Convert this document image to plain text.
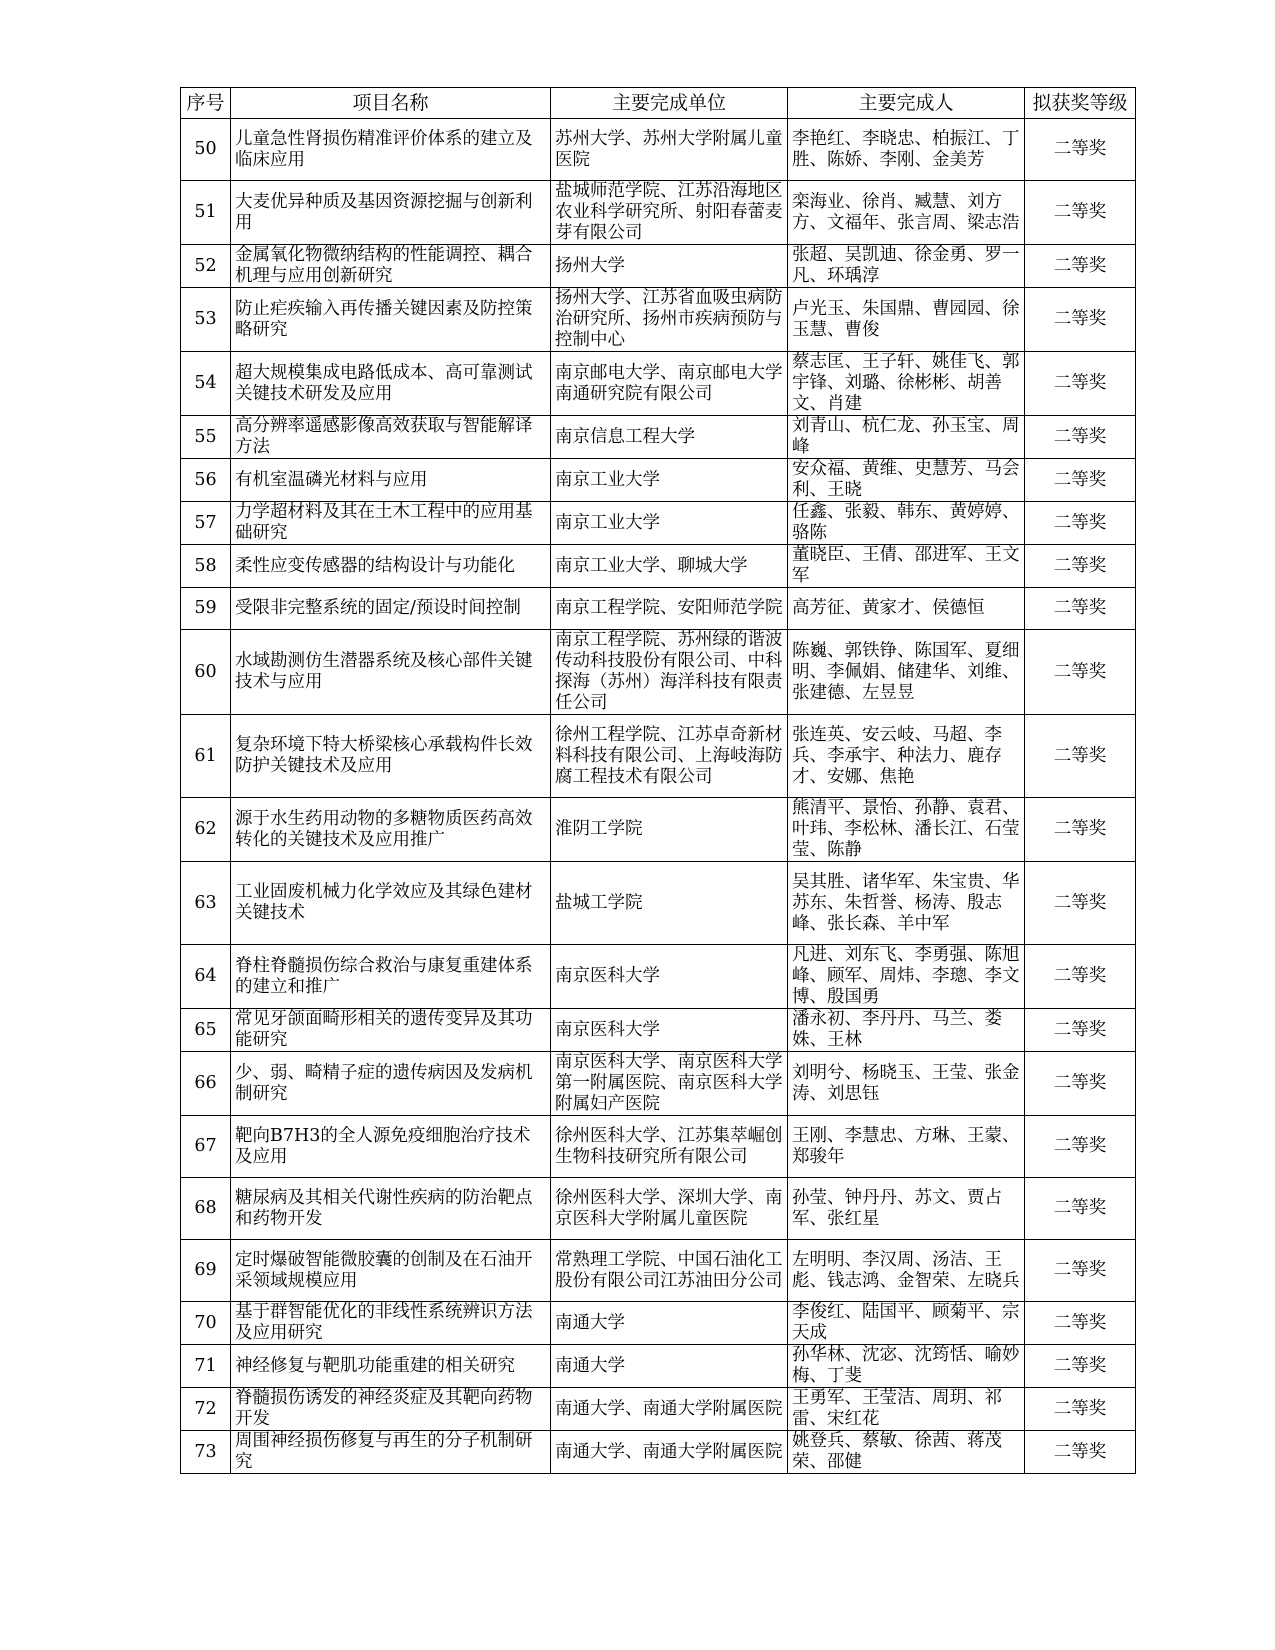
序号	项目名称	主要完成单位	主要完成人	拟获奖等级
50	儿童急性肾损伤精准评价体系的建立及临床应用	苏州大学、苏州大学附属儿童医院	李艳红、李晓忠、柏振江、丁胜、陈娇、李刚、金美芳	二等奖
51	大麦优异种质及基因资源挖掘与创新利用	盐城师范学院、江苏沿海地区农业科学研究所、射阳春蕾麦芽有限公司	栾海业、徐肖、臧慧、刘方方、文福年、张言周、梁志浩	二等奖
52	金属氧化物微纳结构的性能调控、耦合机理与应用创新研究	扬州大学	张超、吴凯迪、徐金勇、罗一凡、环瑀淳	二等奖
53	防止疟疾输入再传播关键因素及防控策略研究	扬州大学、江苏省血吸虫病防治研究所、扬州市疾病预防与控制中心	卢光玉、朱国鼎、曹园园、徐玉慧、曹俊	二等奖
54	超大规模集成电路低成本、高可靠测试关键技术研发及应用	南京邮电大学、南京邮电大学南通研究院有限公司	蔡志匡、王子轩、姚佳飞、郭宇锋、刘璐、徐彬彬、胡善文、肖建	二等奖
55	高分辨率遥感影像高效获取与智能解译方法	南京信息工程大学	刘青山、杭仁龙、孙玉宝、周峰	二等奖
56	有机室温磷光材料与应用	南京工业大学	安众福、黄维、史慧芳、马会利、王晓	二等奖
57	力学超材料及其在土木工程中的应用基础研究	南京工业大学	任鑫、张毅、韩东、黄婷婷、骆陈	二等奖
58	柔性应变传感器的结构设计与功能化	南京工业大学、聊城大学	董晓臣、王倩、邵进军、王文军	二等奖
59	受限非完整系统的固定/预设时间控制	南京工程学院、安阳师范学院	高芳征、黄家才、侯德恒	二等奖
60	水域勘测仿生潜器系统及核心部件关键技术与应用	南京工程学院、苏州绿的谐波传动科技股份有限公司、中科探海（苏州）海洋科技有限责任公司	陈巍、郭铁铮、陈国军、夏细明、李佩娟、储建华、刘维、张建德、左昱昱	二等奖
61	复杂环境下特大桥梁核心承载构件长效防护关键技术及应用	徐州工程学院、江苏卓奇新材料科技有限公司、上海岐海防腐工程技术有限公司	张连英、安云岐、马超、李兵、李承宇、种法力、鹿存才、安娜、焦艳	二等奖
62	源于水生药用动物的多糖物质医药高效转化的关键技术及应用推广	淮阴工学院	熊清平、景怡、孙静、袁君、叶玮、李松林、潘长江、石莹莹、陈静	二等奖
63	工业固废机械力化学效应及其绿色建材关键技术	盐城工学院	吴其胜、诸华军、朱宝贵、华苏东、朱哲誉、杨涛、殷志峰、张长森、羊中军	二等奖
64	脊柱脊髓损伤综合救治与康复重建体系的建立和推广	南京医科大学	凡进、刘东飞、李勇强、陈旭峰、顾军、周炜、李璁、李文博、殷国勇	二等奖
65	常见牙颌面畸形相关的遗传变异及其功能研究	南京医科大学	潘永初、李丹丹、马兰、娄姝、王林	二等奖
66	少、弱、畸精子症的遗传病因及发病机制研究	南京医科大学、南京医科大学第一附属医院、南京医科大学附属妇产医院	刘明兮、杨晓玉、王莹、张金涛、刘思钰	二等奖
67	靶向B7H3的全人源免疫细胞治疗技术及应用	徐州医科大学、江苏集萃崛创生物科技研究所有限公司	王刚、李慧忠、方琳、王蒙、郑骏年	二等奖
68	糖尿病及其相关代谢性疾病的防治靶点和药物开发	徐州医科大学、深圳大学、南京医科大学附属儿童医院	孙莹、钟丹丹、苏文、贾占军、张红星	二等奖
69	定时爆破智能微胶囊的创制及在石油开采领域规模应用	常熟理工学院、中国石油化工股份有限公司江苏油田分公司	左明明、李汉周、汤洁、王彪、钱志鸿、金智荣、左晓兵	二等奖
70	基于群智能优化的非线性系统辨识方法及应用研究	南通大学	李俊红、陆国平、顾菊平、宗天成	二等奖
71	神经修复与靶肌功能重建的相关研究	南通大学	孙华林、沈宓、沈筠恬、喻妙梅、丁斐	二等奖
72	脊髓损伤诱发的神经炎症及其靶向药物开发	南通大学、南通大学附属医院	王勇军、王莹洁、周玥、祁雷、宋红花	二等奖
73	周围神经损伤修复与再生的分子机制研究	南通大学、南通大学附属医院	姚登兵、蔡敏、徐茜、蒋茂荣、邵健	二等奖
